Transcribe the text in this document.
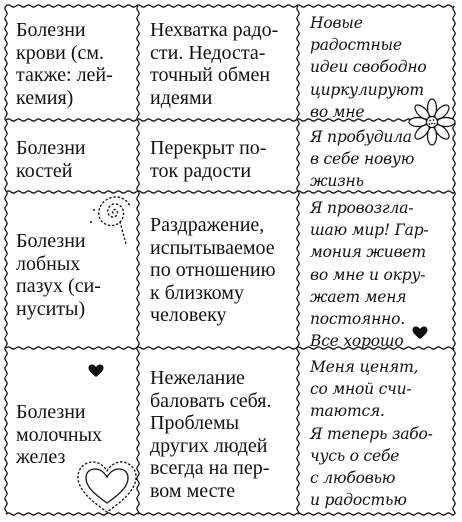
Болезни
крови (см.
также: лей-
кемия)
Нехватка радо-
сти. Недоста-
точный обмен
идеями
Новые
радостные
идеи свободно
циркулируют
во мне
Болезни
костей
Перекрыт по-
ток радости
Я пробудила
в себе новую
жизнь
Болезни
лобных
пазух (си-
нуситы)
Раздражение,
испытываемое
по отношению
к близкому
человеку
Я провозгла-
шаю мир! Гар-
мония живет
во мне и окру-
жает меня
постоянно.
Все хорошо
Болезни
молочных
желез
Нежелание
баловать себя.
Проблемы
других людей
всегда на пер-
вом месте
Меня ценят,
со мной счи-
таются.
Я теперь забо-
чусь о себе
с любовью
и радостью
